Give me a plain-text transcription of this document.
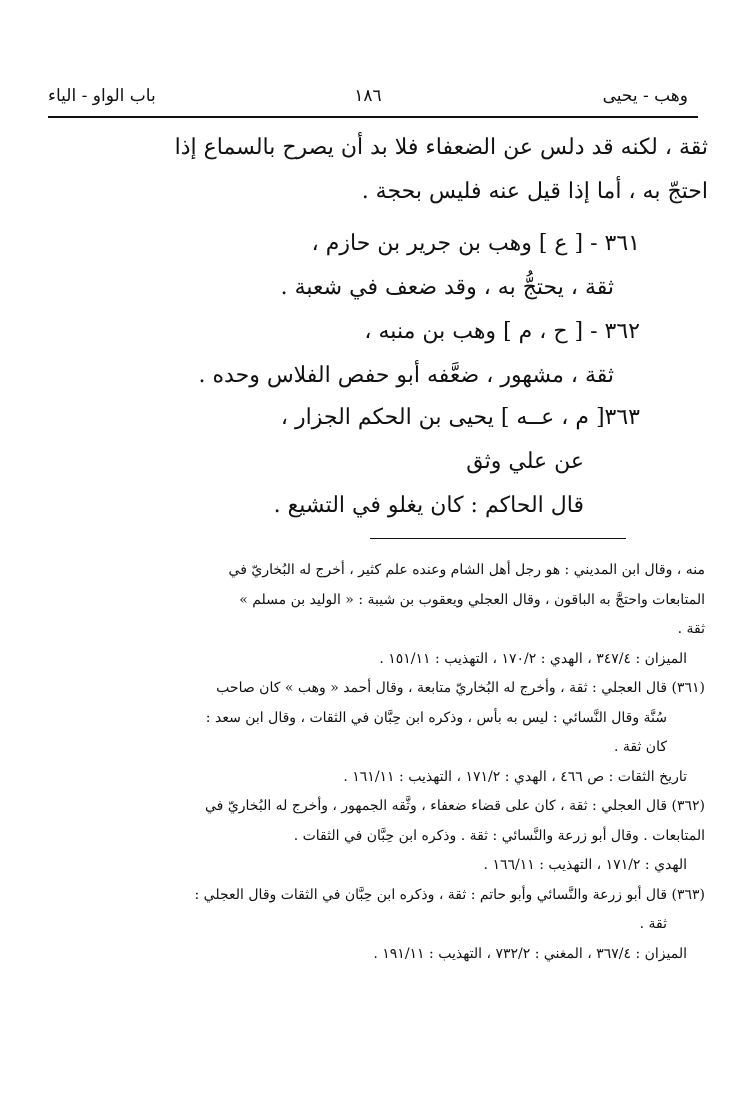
وهب - يحيى
١٨٦
باب الواو - الياء
ثقة ، لكنه قد دلس عن الضعفاء فلا بد أن يصرح بالسماع إذا
احتجّ به ، أما إذا قيل عنه فليس بحجة .
٣٦١ - [ ع ] وهب بن جرير بن حازم ،
ثقة ، يحتجُّ به ، وقد ضعف في شعبة .
٣٦٢ - [ ح ، م ] وهب بن منبه ،
ثقة ، مشهور ، ضعَّفه أبو حفص الفلاس وحده .
٣٦٣[ م ، عــه ] يحيى بن الحكم الجزار ،
عن علي وثق
قال الحاكم : كان يغلو في التشيع .
منه ، وقال ابن المديني : هو رجل أهل الشام وعنده علم كثير ، أخرج له البُخاريّ في
المتابعات واحتجَّ به الباقون ، وقال العجلي ويعقوب بن شيبة : « الوليد بن مسلم »
ثقة .
الميزان : ٣٤٧/٤ ، الهدي : ١٧٠/٢ ، التهذيب : ١٥١/١١ .
(٣٦١) قال العجلي : ثقة ، وأخرج له البُخاريّ متابعة ، وقال أحمد « وهب » كان صاحب
سُنَّة وقال النَّسائي : ليس به بأس ، وذكره ابن حِبَّان في الثقات ، وقال ابن سعد :
كان ثقة .
تاريخ الثقات : ص ٤٦٦ ، الهدي : ١٧١/٢ ، التهذيب : ١٦١/١١ .
(٣٦٢) قال العجلي : ثقة ، كان على قضاء ضعفاء ، وثَّقه الجمهور ، وأخرج له البُخاريّ في
المتابعات . وقال أبو زرعة والنَّسائي : ثقة . وذكره ابن حِبَّان في الثقات .
الهدي : ١٧١/٢ ، التهذيب : ١٦٦/١١ .
(٣٦٣) قال أبو زرعة والنَّسائي وأبو حاتم : ثقة ، وذكره ابن حِبَّان في الثقات وقال العجلي :
ثقة .
الميزان : ٣٦٧/٤ ، المغني : ٧٣٢/٢ ، التهذيب : ١٩١/١١ .
